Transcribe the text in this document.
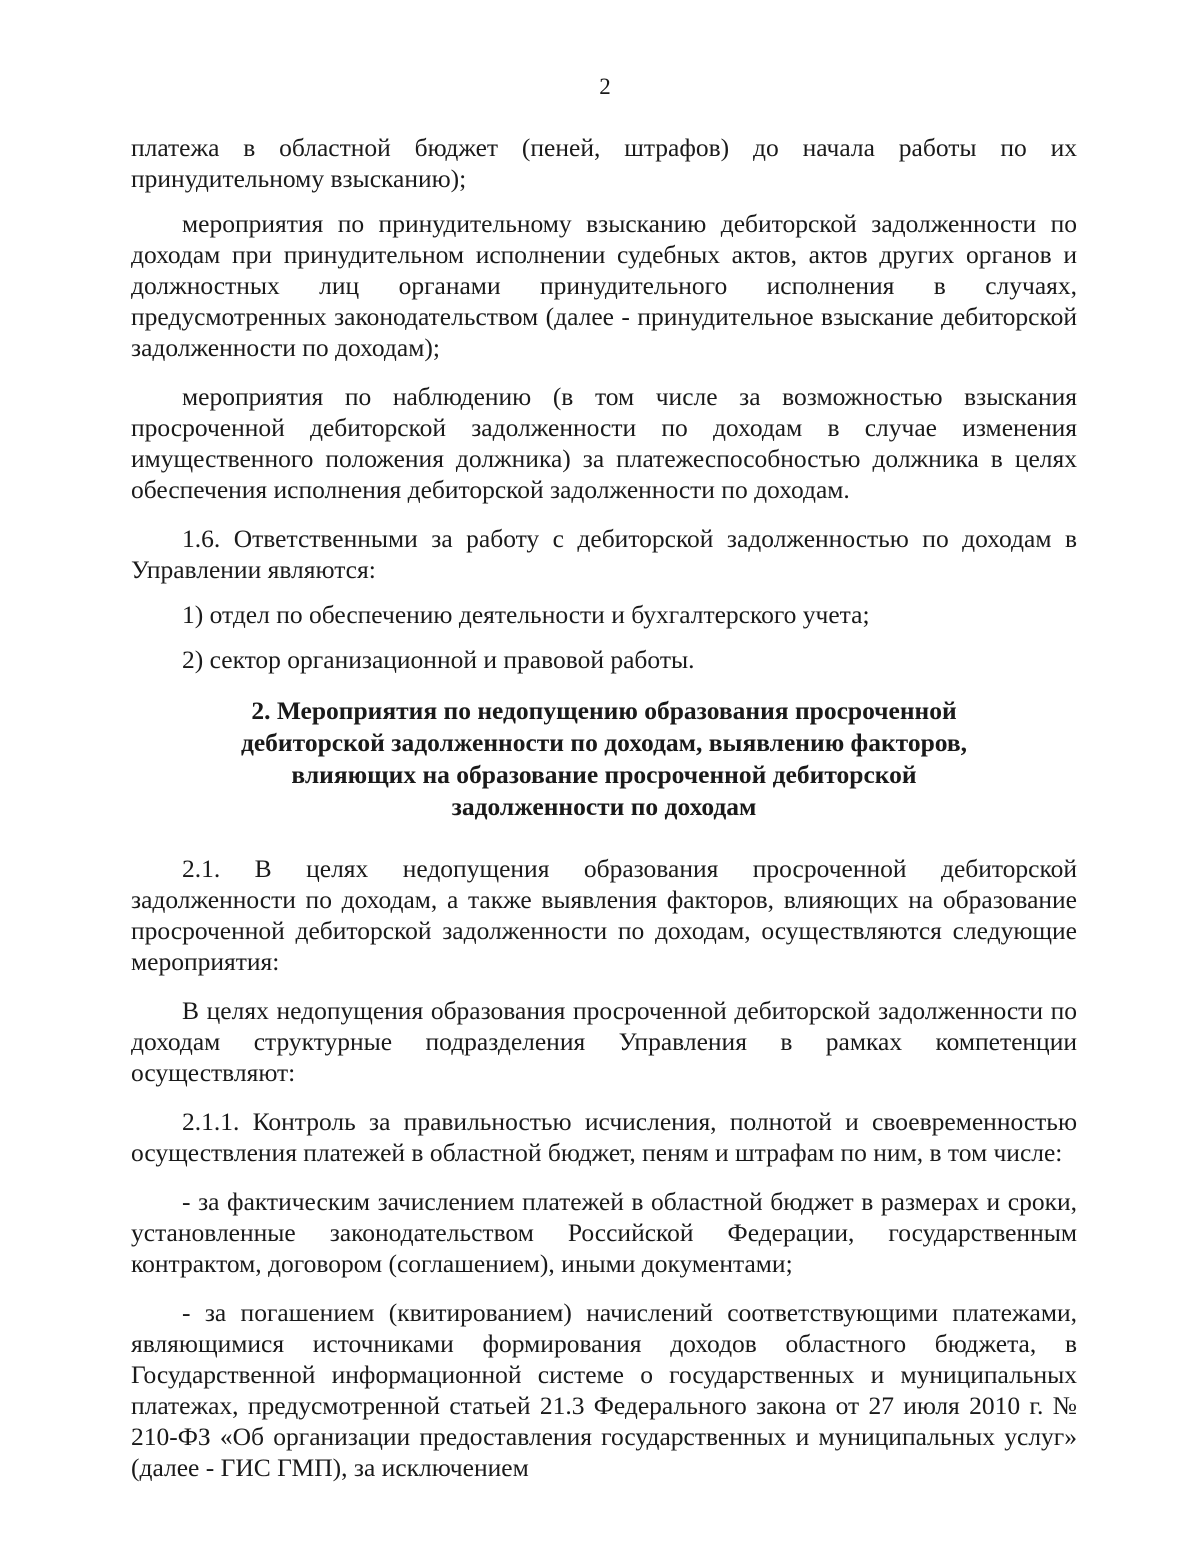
2

платежа в областной бюджет (пеней, штрафов) до начала работы по их принудительному взысканию);

мероприятия по принудительному взысканию дебиторской задолженности по доходам при принудительном исполнении судебных актов, актов других органов и должностных лиц органами принудительного исполнения в случаях, предусмотренных законодательством (далее - принудительное взыскание дебиторской задолженности по доходам);

мероприятия по наблюдению (в том числе за возможностью взыскания просроченной дебиторской задолженности по доходам в случае изменения имущественного положения должника) за платежеспособностью должника в целях обеспечения исполнения дебиторской задолженности по доходам.

1.6. Ответственными за работу с дебиторской задолженностью по доходам в Управлении являются:

1) отдел по обеспечению деятельности и бухгалтерского учета;

2) сектор организационной и правовой работы.

2. Мероприятия по недопущению образования просроченной
дебиторской задолженности по доходам, выявлению факторов,
влияющих на образование просроченной дебиторской
задолженности по доходам

2.1. В целях недопущения образования просроченной дебиторской задолженности по доходам, а также выявления факторов, влияющих на образование просроченной дебиторской задолженности по доходам, осуществляются следующие мероприятия:

В целях недопущения образования просроченной дебиторской задолженности по доходам структурные подразделения Управления в рамках компетенции осуществляют:

2.1.1. Контроль за правильностью исчисления, полнотой и своевременностью осуществления платежей в областной бюджет, пеням и штрафам по ним, в том числе:

- за фактическим зачислением платежей в областной бюджет в размерах и сроки, установленные законодательством Российской Федерации, государственным контрактом, договором (соглашением), иными документами;

- за погашением (квитированием) начислений соответствующими платежами, являющимися источниками формирования доходов областного бюджета, в Государственной информационной системе о государственных и муниципальных платежах, предусмотренной статьей 21.3 Федерального закона от 27 июля 2010 г. № 210-ФЗ «Об организации предоставления государственных и муниципальных услуг» (далее - ГИС ГМП), за исключением
